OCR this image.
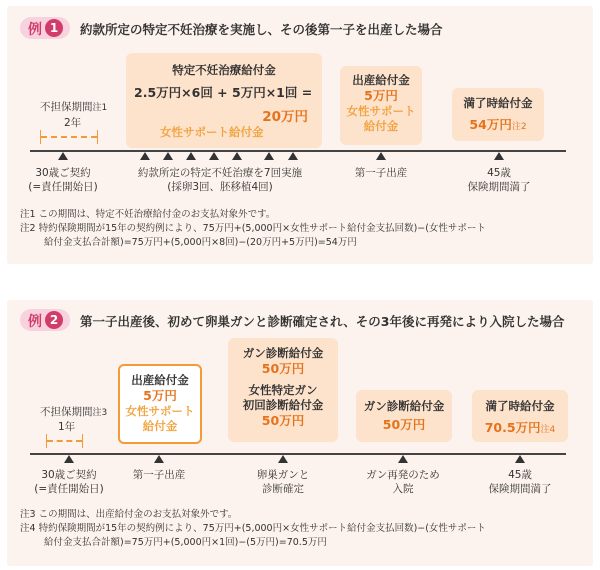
例 1	約款所定の特定不妊治療を実施し、その後第一子を出産した場合
特定不妊治療給付金
2.5万円×6回 + 5万円×1回 =
20万円
女性サポート給付金
出産給付金
5万円
女性サポート
給付金
満了時給付金
54万円注2
不担保期間注1
2年
30歳ご契約
(=責任開始日)
約款所定の特定不妊治療を7回実施
(採卵3回、胚移植4回)
第一子出産	45歳
保険期間満了
注1 この期間は、特定不妊治療給付金のお支払対象外です。
注2 特約保険期間が15年の契約例により、75万円+(5,000円×女性サポート給付金支払回数)−(女性サポート
給付金支払合計額)=75万円+(5,000円×8回)−(20万円+5万円)=54万円
例 2	第一子出産後、初めて卵巣ガンと診断確定され、その3年後に再発により入院した場合
出産給付金
5万円
女性サポート
給付金
ガン診断給付金
50万円
女性特定ガン
初回診断給付金
50万円
ガン診断給付金
50万円
満了時給付金
70.5万円注4
不担保期間注3
1年
30歳ご契約
(=責任開始日)
第一子出産	卵巣ガンと
診断確定
ガン再発のため
入院
45歳
保険期間満了
注3 この期間は、出産給付金のお支払対象外です。
注4 特約保険期間が15年の契約例により、75万円+(5,000円×女性サポート給付金支払回数)−(女性サポート
給付金支払合計額)=75万円+(5,000円×1回)−(5万円)=70.5万円
